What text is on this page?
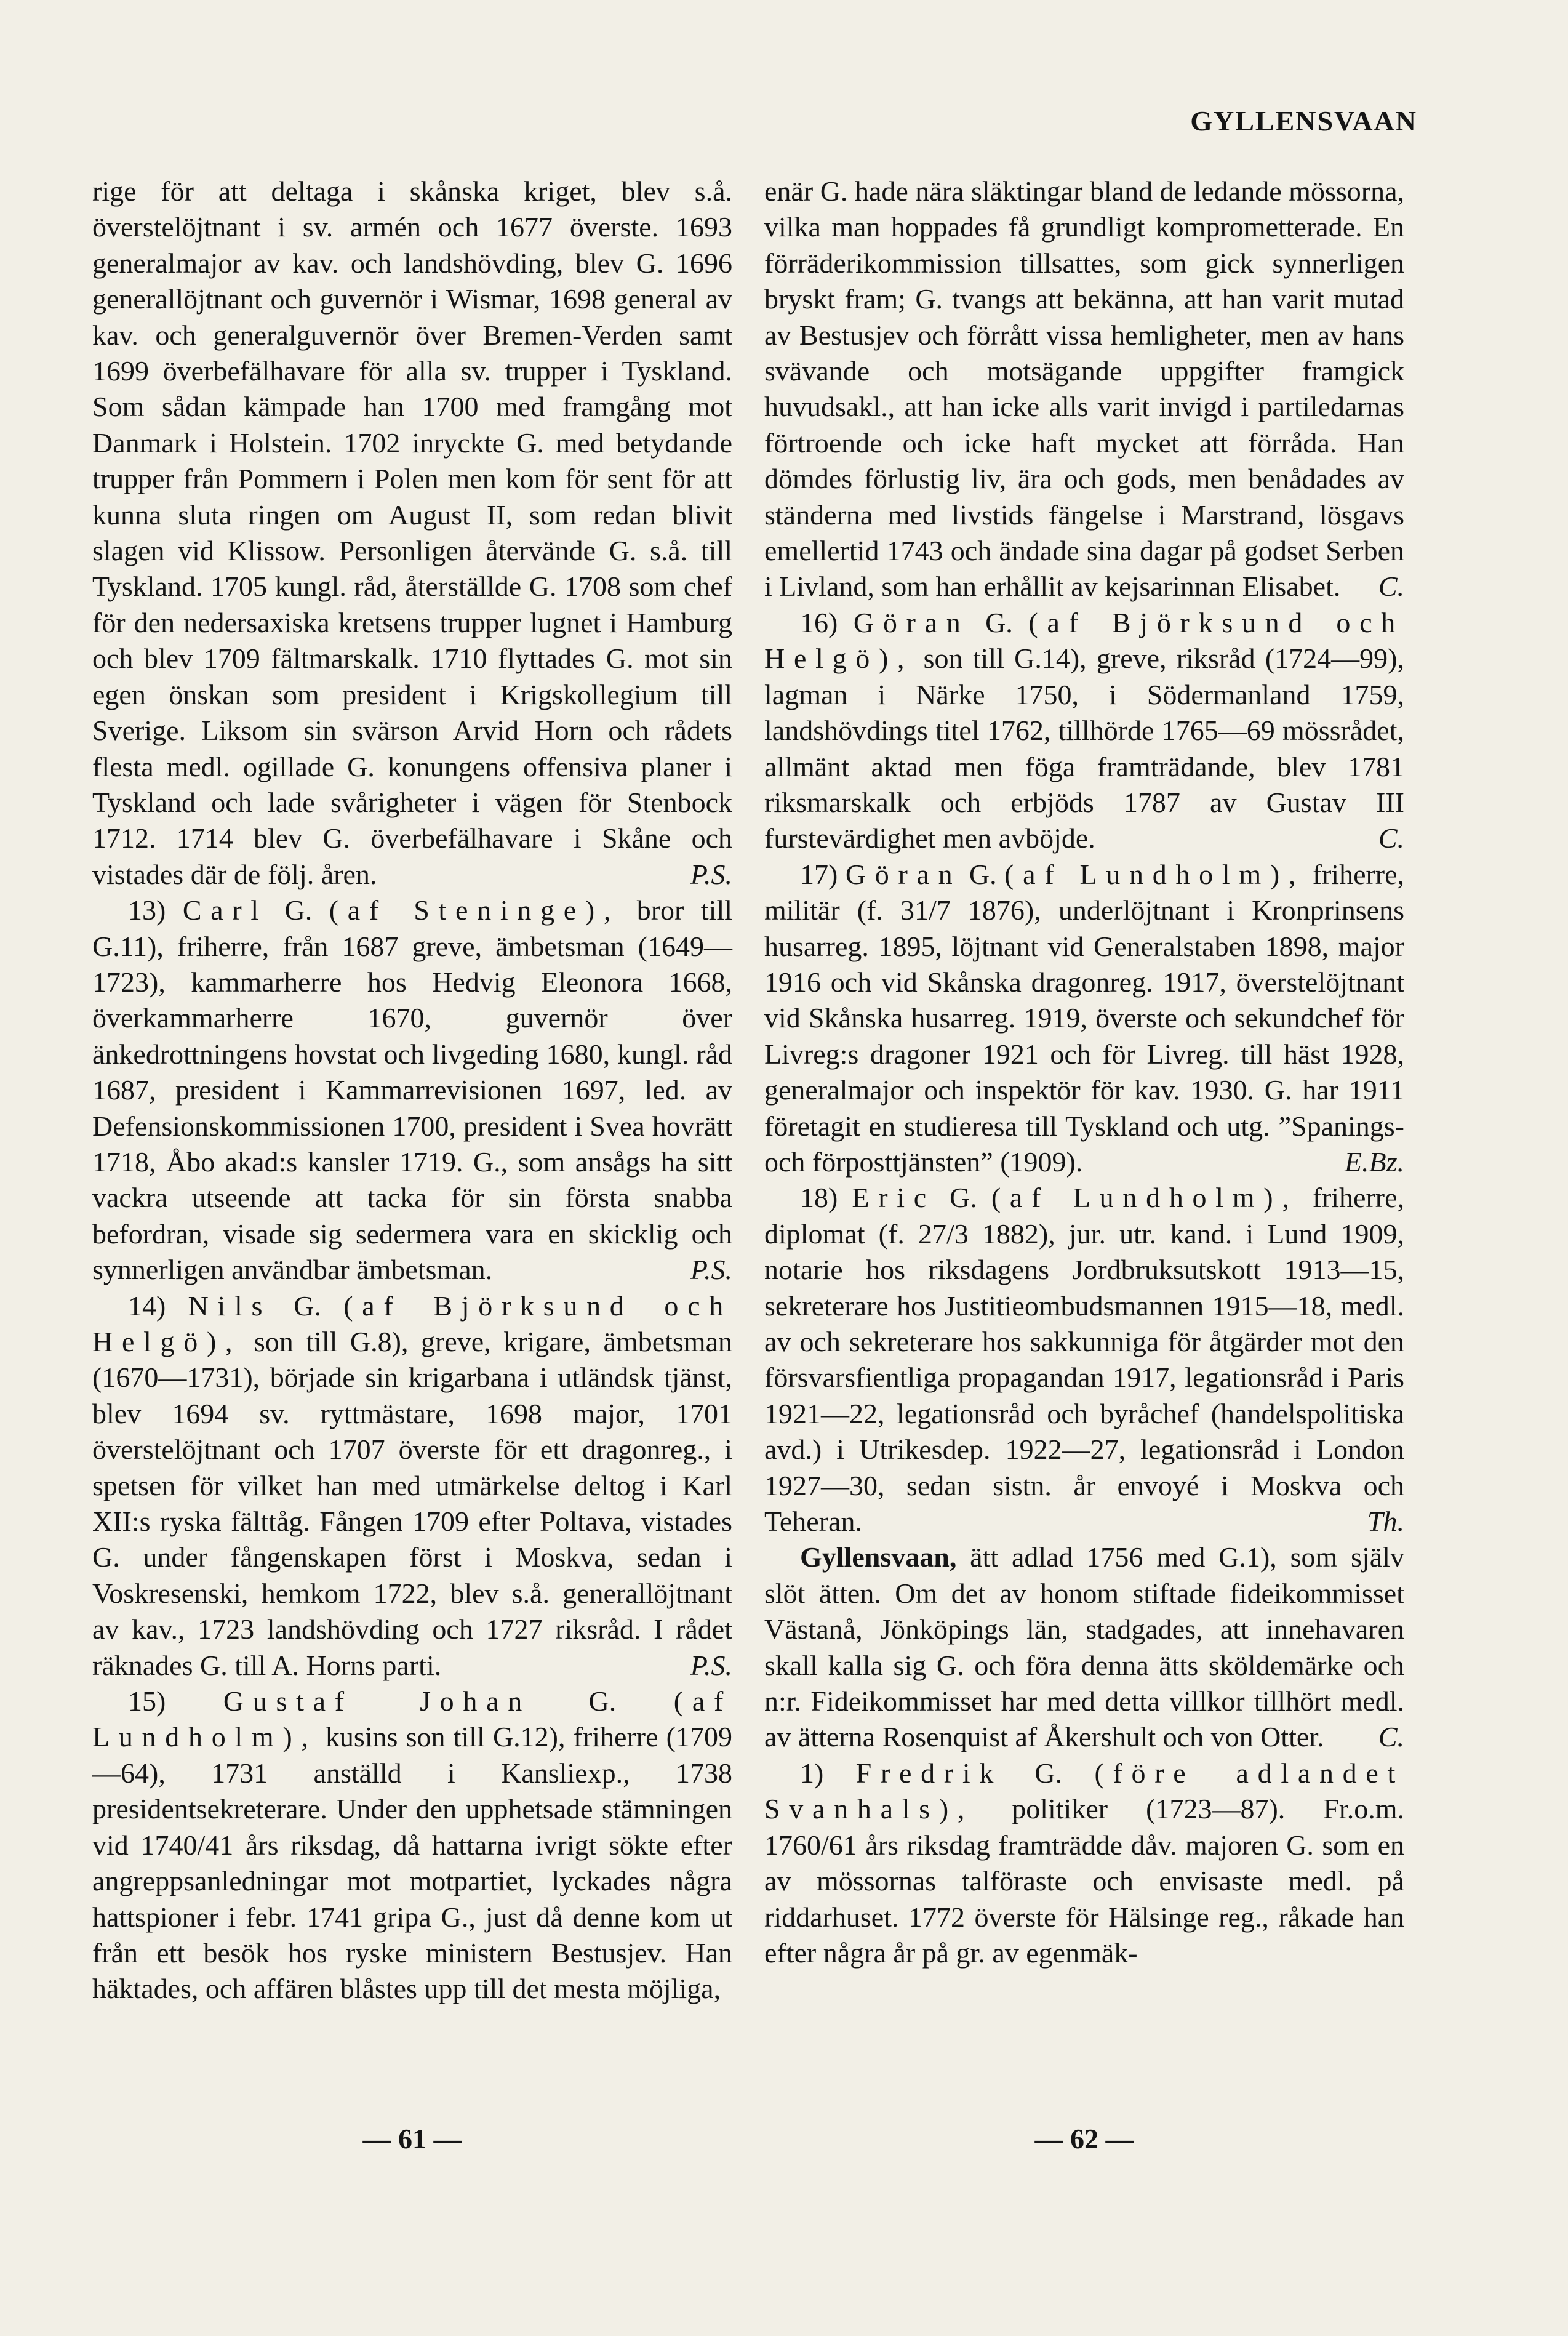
GYLLENSVAAN

rige för att deltaga i skånska kriget, blev s.å. överstelöjtnant i sv. armén och 1677 överste. 1693 generalmajor av kav. och landshövding, blev G. 1696 generallöjtnant och guvernör i Wismar, 1698 general av kav. och generalguvernör över Bremen-Verden samt 1699 överbefälhavare för alla sv. trupper i Tyskland. Som sådan kämpade han 1700 med framgång mot Danmark i Holstein. 1702 inryckte G. med betydande trupper från Pommern i Polen men kom för sent för att kunna sluta ringen om August II, som redan blivit slagen vid Klissow. Personligen återvände G. s.å. till Tyskland. 1705 kungl. råd, återställde G. 1708 som chef för den nedersaxiska kretsens trupper lugnet i Hamburg och blev 1709 fältmarskalk. 1710 flyttades G. mot sin egen önskan som president i Krigskollegium till Sverige. Liksom sin svärson Arvid Horn och rådets flesta medl. ogillade G. konungens offensiva planer i Tyskland och lade svårigheter i vägen för Stenbock 1712. 1714 blev G. överbefälhavare i Skåne och vistades där de följ. åren.	P.S.

13) Carl G. (af Steninge), bror till G.11), friherre, från 1687 greve, ämbetsman (1649—1723), kammarherre hos Hedvig Eleonora 1668, överkammarherre 1670, guvernör över änkedrottningens hovstat och livgeding 1680, kungl. råd 1687, president i Kammarrevisionen 1697, led. av Defensionskommissionen 1700, president i Svea hovrätt 1718, Åbo akad:s kansler 1719. G., som ansågs ha sitt vackra utseende att tacka för sin första snabba befordran, visade sig sedermera vara en skicklig och synnerligen användbar ämbetsman.	P.S.

14) Nils G. (af Björksund och Helgö), son till G.8), greve, krigare, ämbetsman (1670—1731), började sin krigarbana i utländsk tjänst, blev 1694 sv. ryttmästare, 1698 major, 1701 överstelöjtnant och 1707 överste för ett dragonreg., i spetsen för vilket han med utmärkelse deltog i Karl XII:s ryska fälttåg. Fången 1709 efter Poltava, vistades G. under fångenskapen först i Moskva, sedan i Voskresenski, hemkom 1722, blev s.å. generallöjtnant av kav., 1723 landshövding och 1727 riksråd. I rådet räknades G. till A. Horns parti.	P.S.

15) Gustaf Johan G. (af Lundholm), kusins son till G.12), friherre (1709—64), 1731 anställd i Kansliexp., 1738 presidentsekreterare. Under den upphetsade stämningen vid 1740/41 års riksdag, då hattarna ivrigt sökte efter angreppsanledningar mot motpartiet, lyckades några hattspioner i febr. 1741 gripa G., just då denne kom ut från ett besök hos ryske ministern Bestusjev. Han häktades, och affären blåstes upp till det mesta möjliga,

enär G. hade nära släktingar bland de ledande mössorna, vilka man hoppades få grundligt komprometterade. En förräderikommission tillsattes, som gick synnerligen bryskt fram; G. tvangs att bekänna, att han varit mutad av Bestusjev och förrått vissa hemligheter, men av hans svävande och motsägande uppgifter framgick huvudsakl., att han icke alls varit invigd i partiledarnas förtroende och icke haft mycket att förråda. Han dömdes förlustig liv, ära och gods, men benådades av ständerna med livstids fängelse i Marstrand, lösgavs emellertid 1743 och ändade sina dagar på godset Serben i Livland, som han erhållit av kejsarinnan Elisabet.	C.

16) Göran G. (af Björksund och Helgö), son till G.14), greve, riksråd (1724—99), lagman i Närke 1750, i Södermanland 1759, landshövdings titel 1762, tillhörde 1765—69 mössrådet, allmänt aktad men föga framträdande, blev 1781 riksmarskalk och erbjöds 1787 av Gustav III furstevärdighet men avböjde.	C.

17) Göran G. (af Lundholm), friherre, militär (f. 31/7 1876), underlöjtnant i Kronprinsens husarreg. 1895, löjtnant vid Generalstaben 1898, major 1916 och vid Skånska dragonreg. 1917, överstelöjtnant vid Skånska husarreg. 1919, överste och sekundchef för Livreg:s dragoner 1921 och för Livreg. till häst 1928, generalmajor och inspektör för kav. 1930. G. har 1911 företagit en studieresa till Tyskland och utg. ”Spanings- och förposttjänsten” (1909).	E.Bz.

18) Eric G. (af Lundholm), friherre, diplomat (f. 27/3 1882), jur. utr. kand. i Lund 1909, notarie hos riksdagens Jordbruksutskott 1913—15, sekreterare hos Justitieombudsmannen 1915—18, medl. av och sekreterare hos sakkunniga för åtgärder mot den försvarsfientliga propagandan 1917, legationsråd i Paris 1921—22, legationsråd och byråchef (handelspolitiska avd.) i Utrikesdep. 1922—27, legationsråd i London 1927—30, sedan sistn. år envoyé i Moskva och Teheran.	Th.

Gyllensvaan, ätt adlad 1756 med G.1), som själv slöt ätten. Om det av honom stiftade fideikommisset Västanå, Jönköpings län, stadgades, att innehavaren skall kalla sig G. och föra denna ätts sköldemärke och n:r. Fideikommisset har med detta villkor tillhört medl. av ätterna Rosenquist af Åkershult och von Otter.	C.

1) Fredrik G. (före adlandet Svanhals), politiker (1723—87). Fr.o.m. 1760/61 års riksdag framträdde dåv. majoren G. som en av mössornas talföraste och envisaste medl. på riddarhuset. 1772 överste för Hälsinge reg., råkade han efter några år på gr. av egenmäk-

— 61 —	— 62 —
